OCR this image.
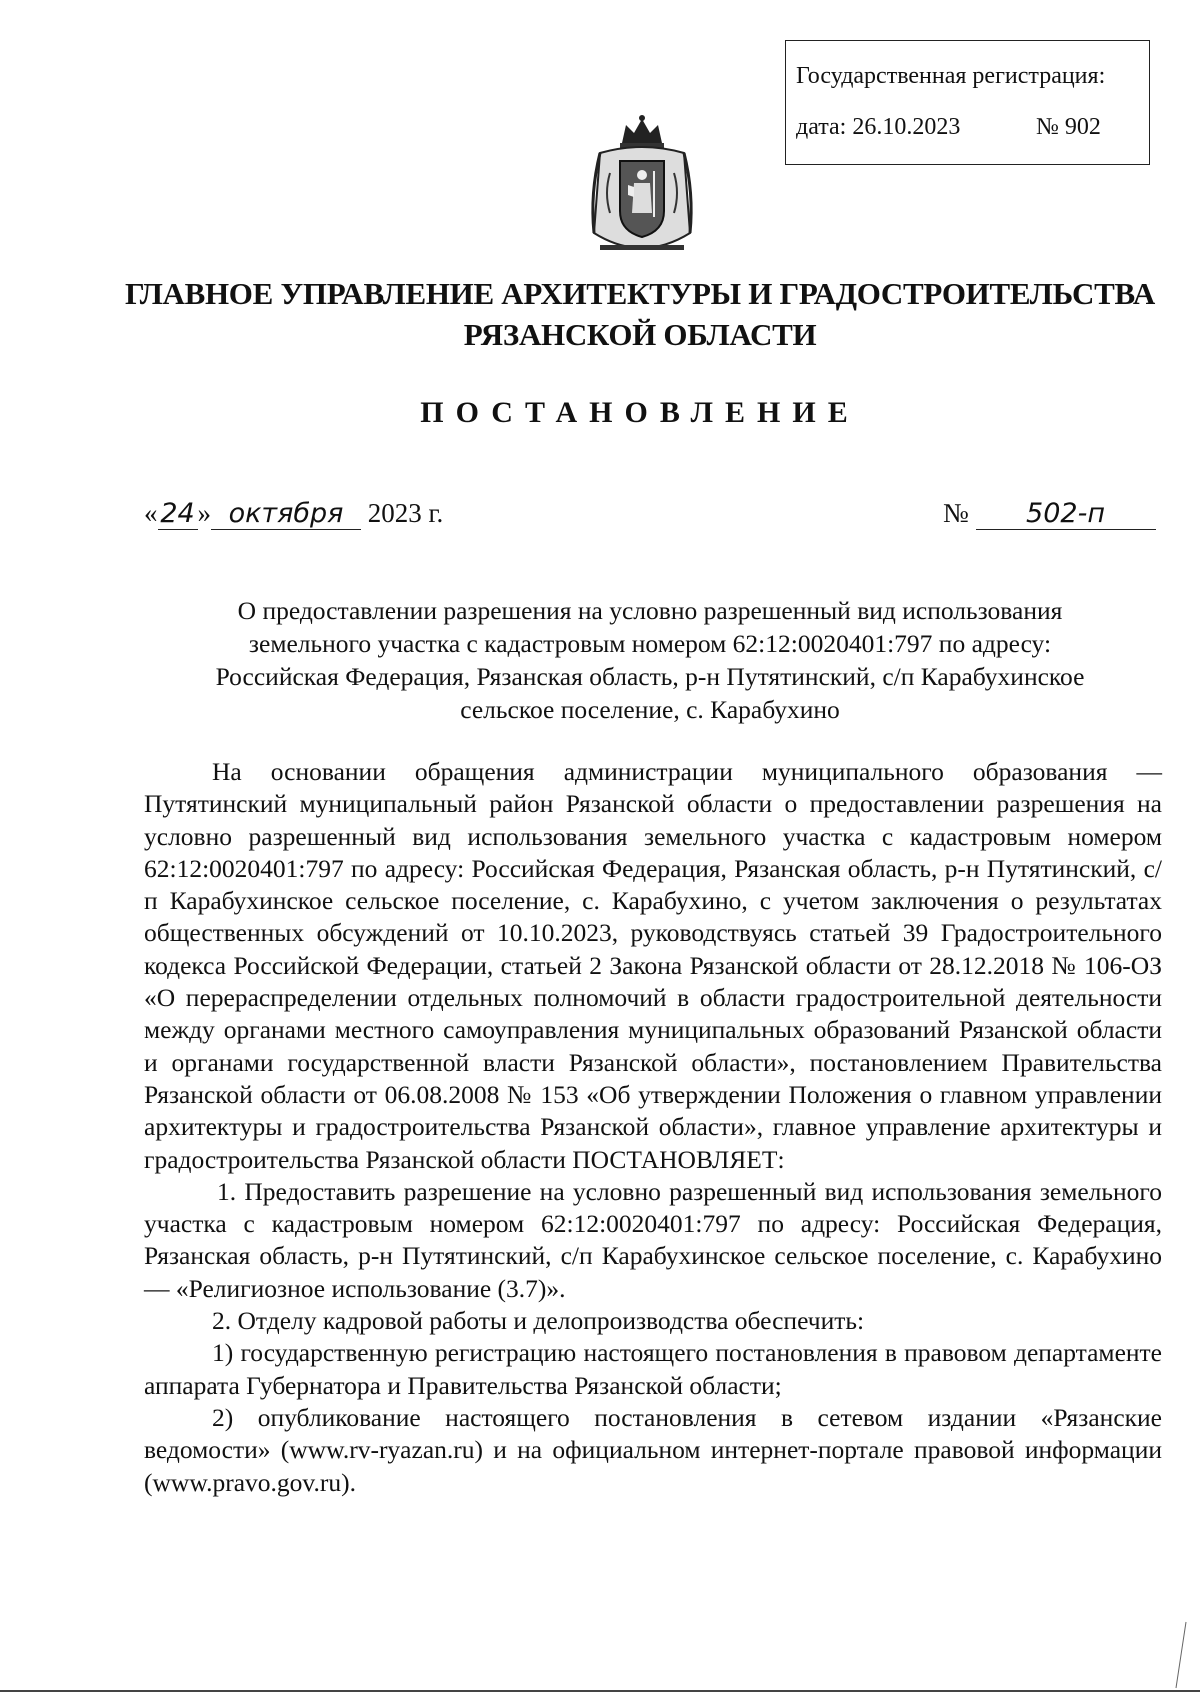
Государственная регистрация:
дата: 26.10.2023	№ 902
ГЛАВНОЕ УПРАВЛЕНИЕ АРХИТЕКТУРЫ И ГРАДОСТРОИТЕЛЬСТВА
РЯЗАНСКОЙ ОБЛАСТИ
ПОСТАНОВЛЕНИЕ
« 24 » октября 2023 г.	№ 502-п
О предоставлении разрешения на условно разрешенный вид использования
земельного участка с кадастровым номером 62:12:0020401:797 по адресу:
Российская Федерация, Рязанская область, р-н Путятинский, с/п Карабухинское
сельское поселение, с. Карабухино

На основании обращения администрации муниципального образования — Путятинский муниципальный район Рязанской области о предоставлении разрешения на условно разрешенный вид использования земельного участка с кадастровым номером 62:12:0020401:797 по адресу: Российская Федерация, Рязанская область, р-н Путятинский, с/п Карабухинское сельское поселение, с. Карабухино, с учетом заключения о результатах общественных обсуждений от 10.10.2023, руководствуясь статьей 39 Градостроительного кодекса Российской Федерации, статьей 2 Закона Рязанской области от 28.12.2018 № 106-ОЗ «О перераспределении отдельных полномочий в области градостроительной деятельности между органами местного самоуправления муниципальных образований Рязанской области и органами государственной власти Рязанской области», постановлением Правительства Рязанской области от 06.08.2008 № 153 «Об утверждении Положения о главном управлении архитектуры и градостроительства Рязанской области», главное управление архитектуры и градостроительства Рязанской области ПОСТАНОВЛЯЕТ:

1. Предоставить разрешение на условно разрешенный вид использования земельного участка с кадастровым номером 62:12:0020401:797 по адресу: Российская Федерация, Рязанская область, р-н Путятинский, с/п Карабухинское сельское поселение, с. Карабухино — «Религиозное использование (3.7)».

2. Отделу кадровой работы и делопроизводства обеспечить:

1) государственную регистрацию настоящего постановления в правовом департаменте аппарата Губернатора и Правительства Рязанской области;

2) опубликование настоящего постановления в сетевом издании «Рязанские ведомости» (www.rv-ryazan.ru) и на официальном интернет-портале правовой информации (www.pravo.gov.ru).
